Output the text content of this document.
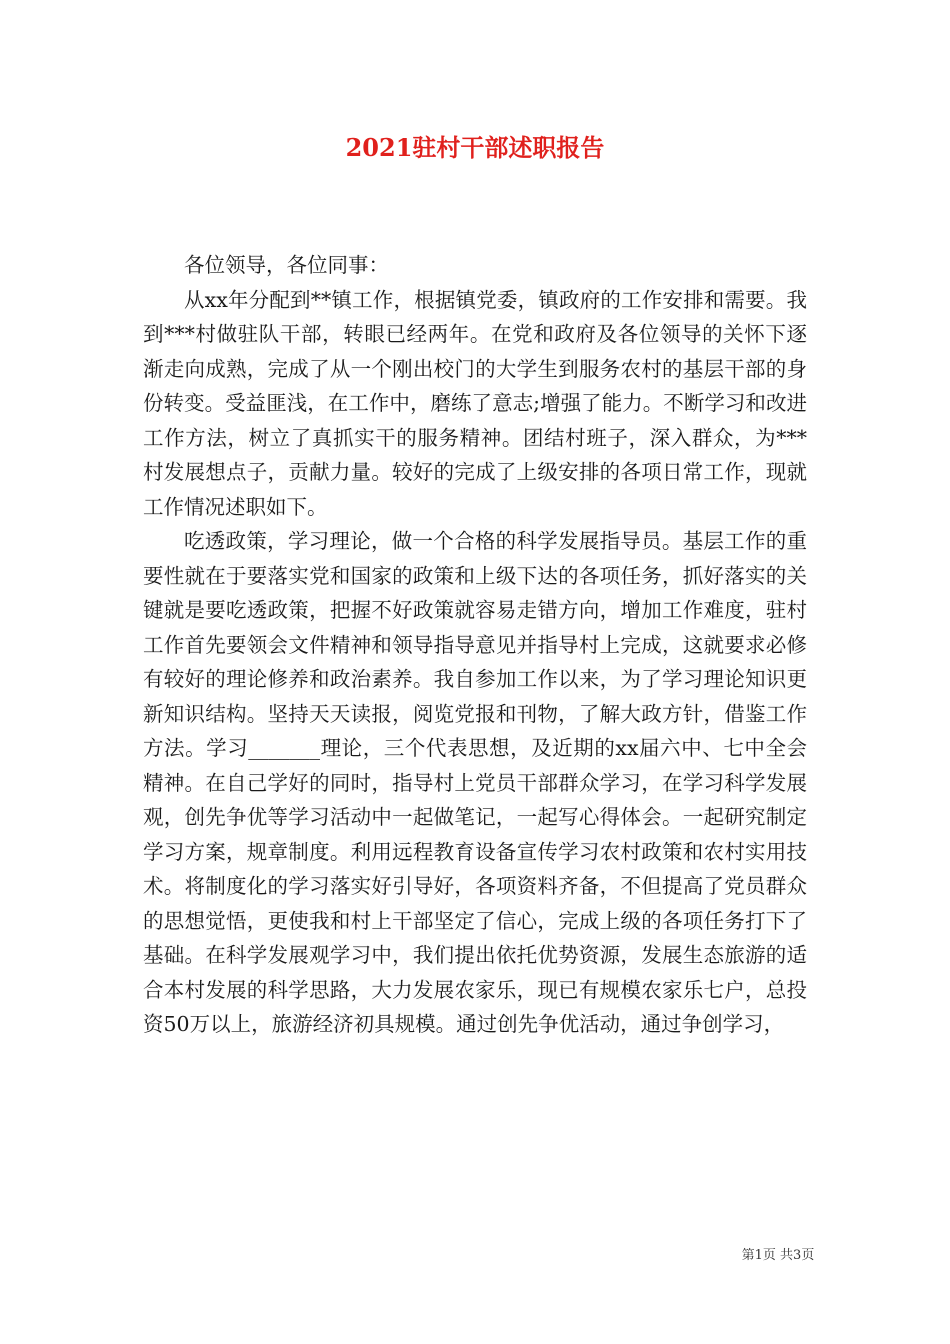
2021驻村干部述职报告

各位领导，各位同事：

从xx年分配到**镇工作，根据镇党委，镇政府的工作安排和需要。我到***村做驻队干部，转眼已经两年。在党和政府及各位领导的关怀下逐渐走向成熟，完成了从一个刚出校门的大学生到服务农村的基层干部的身份转变。受益匪浅，在工作中，磨练了意志;增强了能力。不断学习和改进工作方法，树立了真抓实干的服务精神。团结村班子，深入群众，为***村发展想点子，贡献力量。较好的完成了上级安排的各项日常工作，现就工作情况述职如下。

吃透政策，学习理论，做一个合格的科学发展指导员。基层工作的重要性就在于要落实党和国家的政策和上级下达的各项任务，抓好落实的关键就是要吃透政策，把握不好政策就容易走错方向，增加工作难度，驻村工作首先要领会文件精神和领导指导意见并指导村上完成，这就要求必修有较好的理论修养和政治素养。我自参加工作以来，为了学习理论知识更新知识结构。坚持天天读报，阅览党报和刊物，了解大政方针，借鉴工作方法。学习_______理论，三个代表思想，及近期的xx届六中、七中全会精神。在自己学好的同时，指导村上党员干部群众学习，在学习科学发展观，创先争优等学习活动中一起做笔记，一起写心得体会。一起研究制定学习方案，规章制度。利用远程教育设备宣传学习农村政策和农村实用技术。将制度化的学习落实好引导好，各项资料齐备，不但提高了党员群众的思想觉悟，更使我和村上干部坚定了信心，完成上级的各项任务打下了基础。在科学发展观学习中，我们提出依托优势资源，发展生态旅游的适合本村发展的科学思路，大力发展农家乐，现已有规模农家乐七户，总投资50万以上，旅游经济初具规模。通过创先争优活动，通过争创学习，

第1页 共3页
